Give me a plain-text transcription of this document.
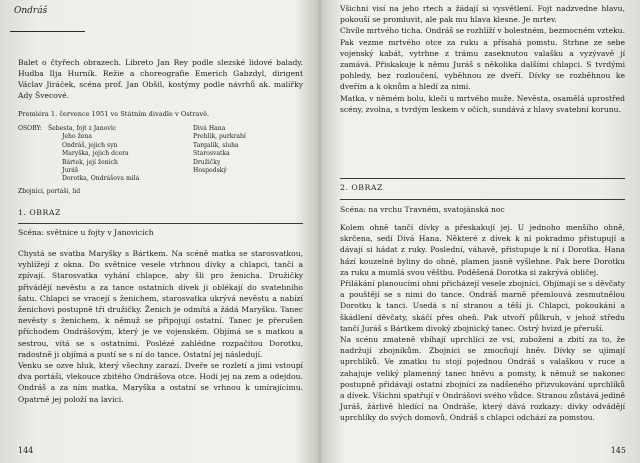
Ondráš

Balet o čtyřech obrazech. Libreto Jan Rey podle slezské lidové balady. Hudba Ilja Hurník. Režie a choreografie Emerich Gabzdyl, dirigent Václav Jiráček, scéna prof. Jan Obšil, kostýmy podle návrhů ak. malířky Ady Švecové.

Premiéra 1. července 1951 ve Státním divadle v Ostravě.

OSOBY: Šebesta, fojt z Janovic
Jeho žena
Ondráš, jejich syn
Maryška, jejich dcera
Bártek, její ženich
Juráš
Dorotka, Ondrášova milá
Divá Hana
Prehlik, purkrabí
Targalík, sluha
Starosvatka
Družičky
Hospodský
Zbojníci, portáši, lid
1. OBRAZ
Scéna: světnice u fojty v Janovicích

Chystá se svatba Maryšky s Bártkem. Na scéně matka se starosvatkou, vyhlížejí z okna. Do světnice vesele vtrhnou dívky a chlapci, tančí a zpívají. Starosvatka vyhání chlapce, aby šli pro ženicha. Družičky přivádějí nevěstu a za tance ostatních dívek ji oblékají do svatebního šatu. Chlapci se vracejí s ženichem, starosvatka ukrývá nevěstu a nabízí ženichovi postupně tři družičky. Ženich je odmítá a žádá Maryšku. Tanec nevěsty s ženichem, k němuž se připojují ostatní. Tanec je přerušen příchodem Ondrášovým, který je ve vojenském. Objímá se s matkou a sestrou, vítá se s ostatními. Poslézé zahlédne rozpačitou Dorotku, radostně ji objímá a pustí se s ní do tance. Ostatní jej následují.
Venku se ozve hluk, který všechny zarazí. Dveře se rozletí a jimi vstoupí dva portáši, vlekouce zbitého Ondrášova otce. Hodí jej na zem a odejdou. Ondráš a za ním matka, Maryška a ostatní se vrhnou k umírajícímu. Opatrně jej položí na lavici.

144

Všichni visí na jeho rtech a žádají si vysvětlení. Fojt nadzvedne hlavu, pokouší se promluvit, ale pak mu hlava klesne. Je mrtev.
Chvíle mrtvého ticha. Ondráš se rozhlíží v bolestném, bezmocném vzteku. Pak vezme mrtvého otce za ruku a přísahá pomstu. Strhne ze sebe vojenský kabát, vytrhne z trámu zaseknutou valašku a vyzývavě jí zamává. Přiskakuje k němu Juráš s několika dalšími chlapci. S tvrdými pohledy, bez rozloučení, vyběhnou ze dveří. Dívky se rozběhnou ke dveřím a k oknům a hledí za nimi.
Matka, v němém bolu, klečí u mrtvého muže. Nevěsta, osamělá uprostřed scény, zvolna, s tvrdým leskem v očích, sundává z hlavy svatební korunu.

2. OBRAZ
Scéna: na vrchu Travném, svatojánská noc

Kolem ohně tančí dívky a přeskakují jej. U jednoho menšího ohně, skrčena, sedí Divá Hana. Některé z dívek k ní pokradmo přistupují a dávají si hádat z ruky. Poslední, váhavě, přistupuje k ní i Dorotka. Hana hází kouzelné byliny do ohně, plamen jasně vyšlehne. Pak bere Dorotku za ruku a mumlá svou věštbu. Poděšená Dorotka si zakrývá obličej.
Přilákání planoucími ohni přicházejí vesele zbojníci. Objímají se s děvčaty a pouštějí se s nimi do tance. Ondráš marně přemlouvá zesmutnělou Dorotku k tanci. Usedá s ní stranou a těší ji. Chlapci, pokoukání a škádlení děvčaty, skáčí přes oheň. Pak utvoří půlkruh, v jehož středu tančí Juráš s Bártkem divoký zbojnický tanec. Ostrý hvizd je přeruší.
Na scénu zmateně vbíhají uprchlíci ze vsi, zuboženi a zbití za to, že nadržují zbojníkům. Zbojníci se zmocňují hněv. Dívky se ujímají uprchlíků. Ve zmatku tu stojí pojednou Ondráš s valaškou v ruce a zahajuje veliký plamenný tanec hněvu a pomsty, k němuž se nakonec postupně přidávají ostatní zbojníci za nadšeného přizvukování uprchlíků a dívek. Všichni spatřují v Ondrášovi svého vůdce. Stranou zůstává jedině Juráš, žárlivě hledící na Ondráše, který dává rozkazy: dívky odvádějí uprchlíky do svých domovů, Ondráš s chlapci odchází za pomstou.

145
